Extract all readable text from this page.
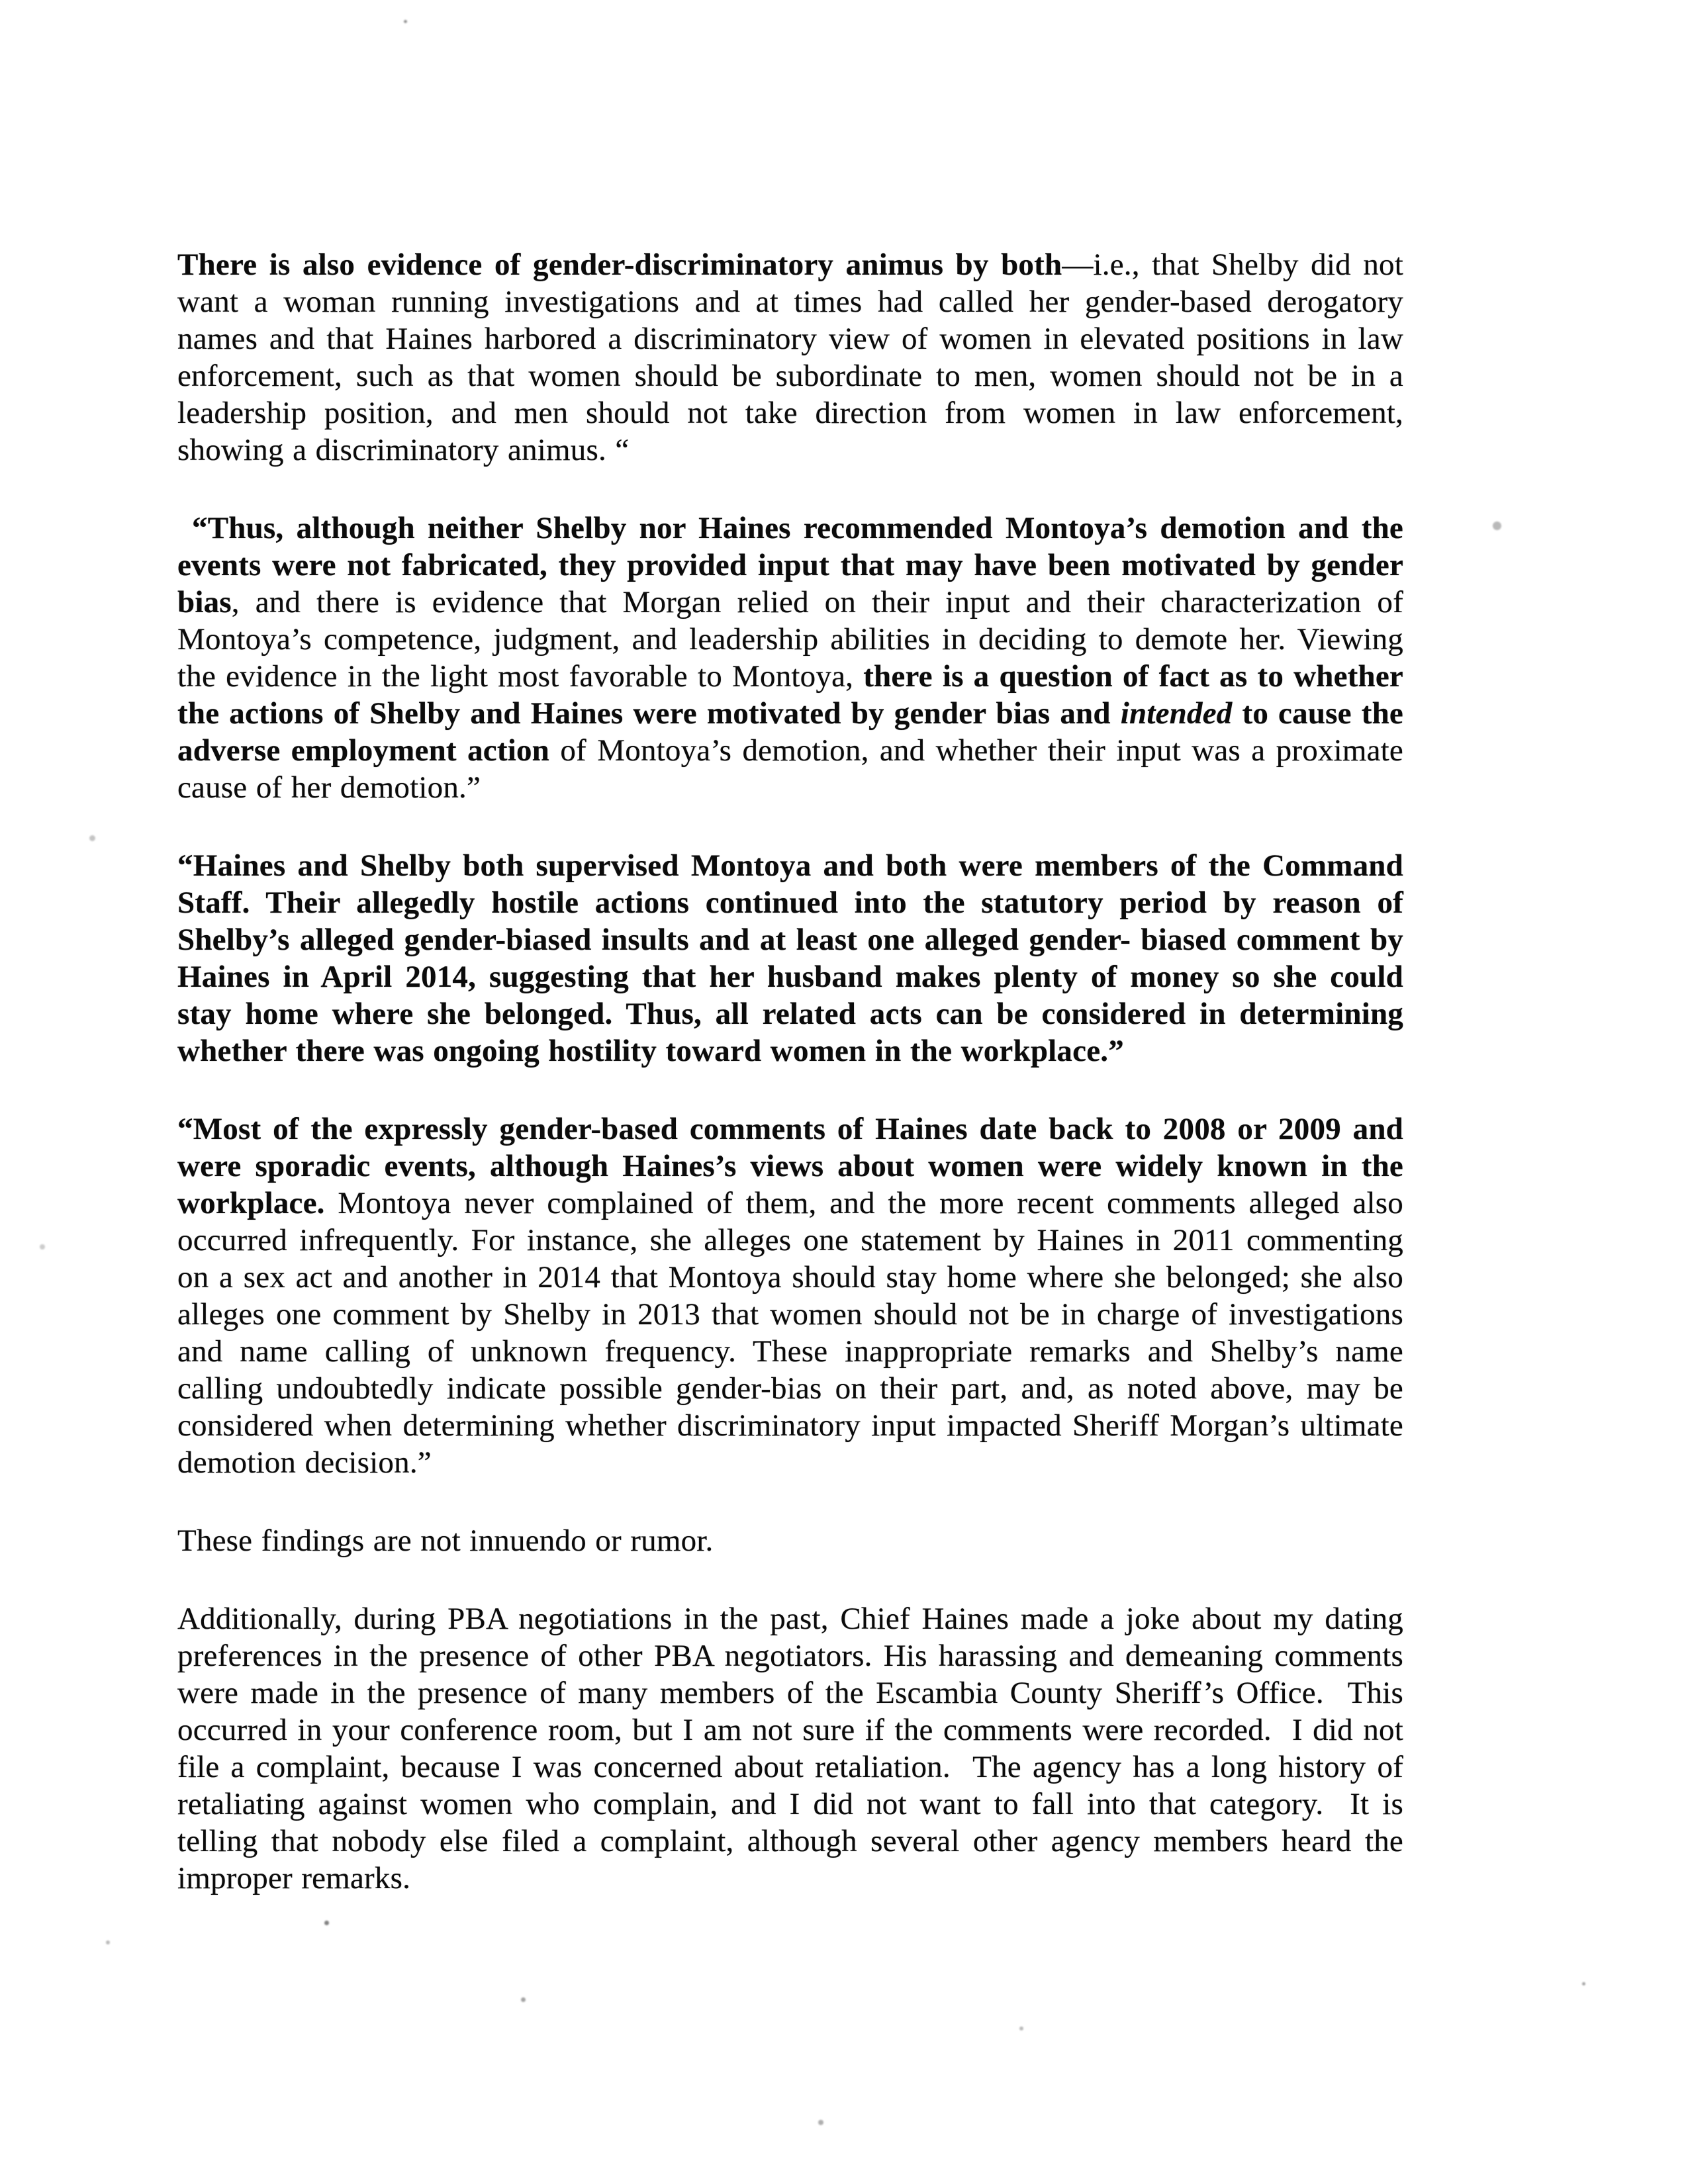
There is also evidence of gender-discriminatory animus by both—i.e., that Shelby did not want a woman running investigations and at times had called her gender-based derogatory names and that Haines harbored a discriminatory view of women in elevated positions in law enforcement, such as that women should be subordinate to men, women should not be in a leadership position, and men should not take direction from women in law enforcement, showing a discriminatory animus. “

“Thus, although neither Shelby nor Haines recommended Montoya’s demotion and the events were not fabricated, they provided input that may have been motivated by gender bias, and there is evidence that Morgan relied on their input and their characterization of Montoya’s competence, judgment, and leadership abilities in deciding to demote her. Viewing the evidence in the light most favorable to Montoya, there is a question of fact as to whether the actions of Shelby and Haines were motivated by gender bias and intended to cause the adverse employment action of Montoya’s demotion, and whether their input was a proximate cause of her demotion.”

“Haines and Shelby both supervised Montoya and both were members of the Command Staff. Their allegedly hostile actions continued into the statutory period by reason of Shelby’s alleged gender-biased insults and at least one alleged gender- biased comment by Haines in April 2014, suggesting that her husband makes plenty of money so she could stay home where she belonged. Thus, all related acts can be considered in determining whether there was ongoing hostility toward women in the workplace.”

“Most of the expressly gender-based comments of Haines date back to 2008 or 2009 and were sporadic events, although Haines’s views about women were widely known in the workplace. Montoya never complained of them, and the more recent comments alleged also occurred infrequently. For instance, she alleges one statement by Haines in 2011 commenting on a sex act and another in 2014 that Montoya should stay home where she belonged; she also alleges one comment by Shelby in 2013 that women should not be in charge of investigations and name calling of unknown frequency. These inappropriate remarks and Shelby’s name calling undoubtedly indicate possible gender-bias on their part, and, as noted above, may be considered when determining whether discriminatory input impacted Sheriff Morgan’s ultimate demotion decision.”

These findings are not innuendo or rumor.

Additionally, during PBA negotiations in the past, Chief Haines made a joke about my dating preferences in the presence of other PBA negotiators. His harassing and demeaning comments were made in the presence of many members of the Escambia County Sheriff’s Office.  This occurred in your conference room, but I am not sure if the comments were recorded.  I did not file a complaint, because I was concerned about retaliation.  The agency has a long history of retaliating against women who complain, and I did not want to fall into that category.  It is telling that nobody else filed a complaint, although several other agency members heard the improper remarks.
